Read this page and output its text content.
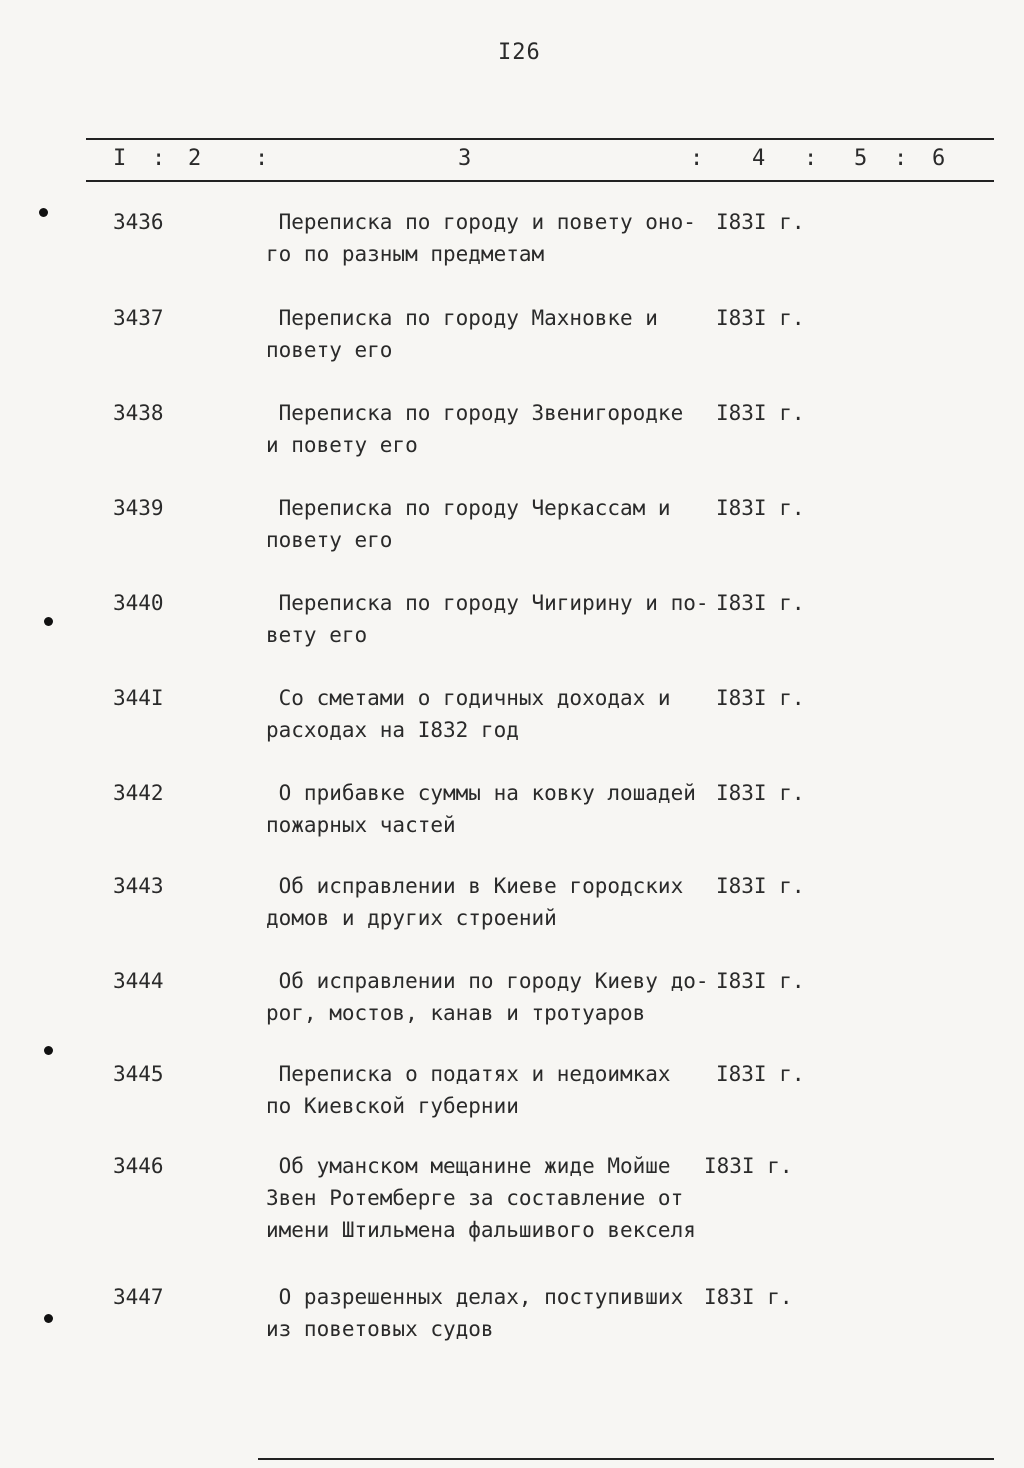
I26
I : 2 :	3	: 4 : 5 : 6
3436	Переписка по городу и повету оно-
го по разным предметам
I83I г.
3437	Переписка по городу Махновке и
повету его
I83I г.
3438	Переписка по городу Звенигородке
и повету его
I83I г.
3439	Переписка по городу Черкассам и
повету его
I83I г.
3440	Переписка по городу Чигирину и по-
вету его
I83I г.
344I	Со сметами о годичных доходах и
расходах на I832 год
I83I г.
3442	О прибавке суммы на ковку лошадей
пожарных частей
I83I г.
3443	Об исправлении в Киеве городских
домов и других строений
I83I г.
3444	Об исправлении по городу Киеву до-
рог, мостов, канав и тротуаров
I83I г.
3445	Переписка о податях и недоимках
по Киевской губернии
I83I г.
3446	Об уманском мещанине жиде Мойше
Звен Ротемберге за составление от
имени Штильмена фальшивого векселя
I83I г.
3447	О разрешенных делах, поступивших
из поветовых судов
I83I г.
